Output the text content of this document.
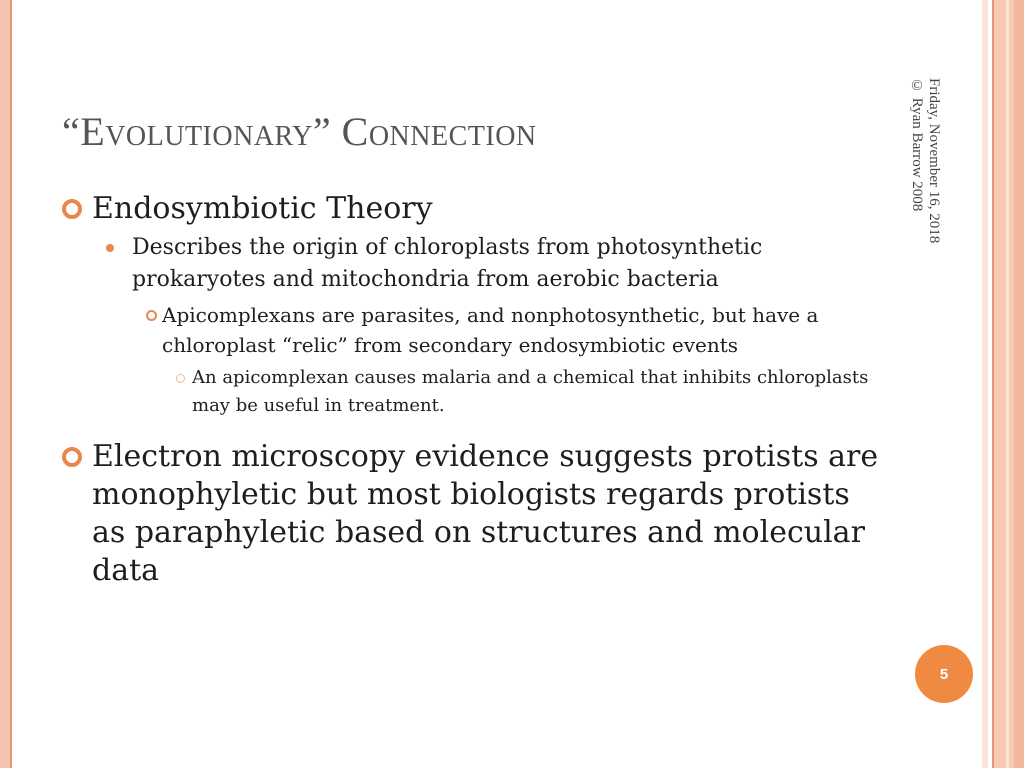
“Evolutionary” Connection
Endosymbiotic Theory
Describes the origin of chloroplasts from photosynthetic prokaryotes and mitochondria from aerobic bacteria
Apicomplexans are parasites, and nonphotosynthetic, but have a chloroplast “relic” from secondary endosymbiotic events
An apicomplexan causes malaria and a chemical that inhibits chloroplasts may be useful in treatment.
Electron microscopy evidence suggests protists are monophyletic but most biologists regards protists as paraphyletic based on structures and molecular data
Friday, November 16, 2018
© Ryan Barrow 2008
5
